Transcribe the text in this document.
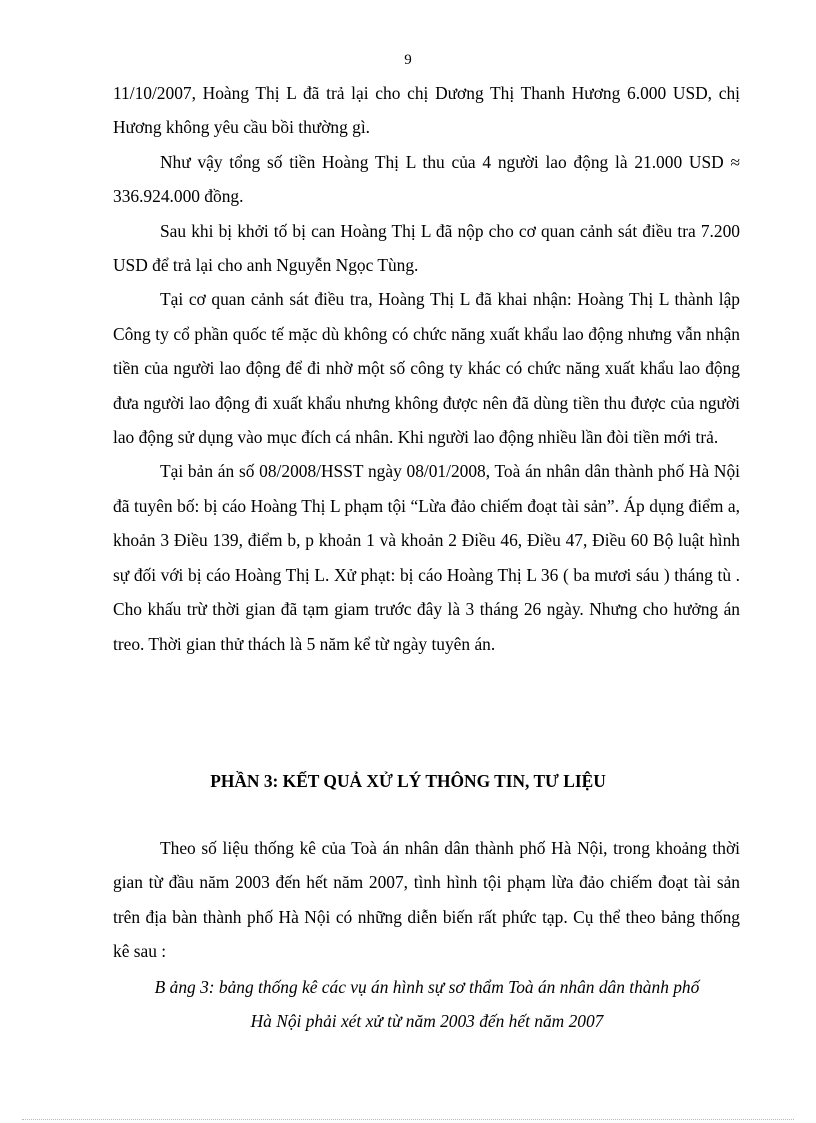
9

11/10/2007, Hoàng Thị L đã trả lại cho chị Dương Thị Thanh Hương 6.000 USD, chị Hương không yêu cầu bồi thường gì.

Như vậy tổng số tiền Hoàng Thị L thu của 4 người lao động là 21.000 USD ≈ 336.924.000 đồng.

Sau khi bị khởi tố bị can Hoàng Thị L đã nộp cho cơ quan cảnh sát điều tra 7.200 USD để trả lại cho anh Nguyễn Ngọc Tùng.

Tại cơ quan cảnh sát điều tra, Hoàng Thị L đã khai nhận: Hoàng Thị L thành lập Công ty cổ phần quốc tế mặc dù không có chức năng xuất khẩu lao động nhưng vẫn nhận tiền của người lao động để đi nhờ một số công ty khác có chức năng xuất khẩu lao động đưa người lao động đi xuất khẩu nhưng không được nên đã dùng tiền thu được của người lao động sử dụng vào mục đích cá nhân. Khi người lao động nhiều lần đòi tiền mới trả.

Tại bản án số 08/2008/HSST ngày 08/01/2008, Toà án nhân dân thành phố Hà Nội đã tuyên bố: bị cáo Hoàng Thị L phạm tội “Lừa đảo chiếm đoạt tài sản”. Áp dụng điểm a, khoản 3 Điều 139, điểm b, p khoản 1 và khoản 2 Điều 46, Điều 47, Điều 60 Bộ luật hình sự đối với bị cáo Hoàng Thị L. Xử phạt: bị cáo Hoàng Thị L 36 ( ba mươi sáu ) tháng tù . Cho khấu trừ thời gian đã tạm giam trước đây là 3 tháng 26 ngày. Nhưng cho hưởng án treo. Thời gian thử thách là 5 năm kể từ ngày tuyên án.

PHẦN 3: KẾT QUẢ XỬ LÝ THÔNG TIN, TƯ LIỆU

Theo số liệu thống kê của Toà án nhân dân thành phố Hà Nội, trong khoảng thời gian từ đầu năm 2003 đến hết năm 2007, tình hình tội phạm lừa đảo chiếm đoạt tài sản trên địa bàn thành phố Hà Nội có những diễn biến rất phức tạp. Cụ thể theo bảng thống kê sau :

B ảng 3: bảng thống kê các vụ án hình sự sơ thẩm Toà án nhân dân thành phố
Hà Nội phải xét xử từ năm 2003 đến hết năm 2007
